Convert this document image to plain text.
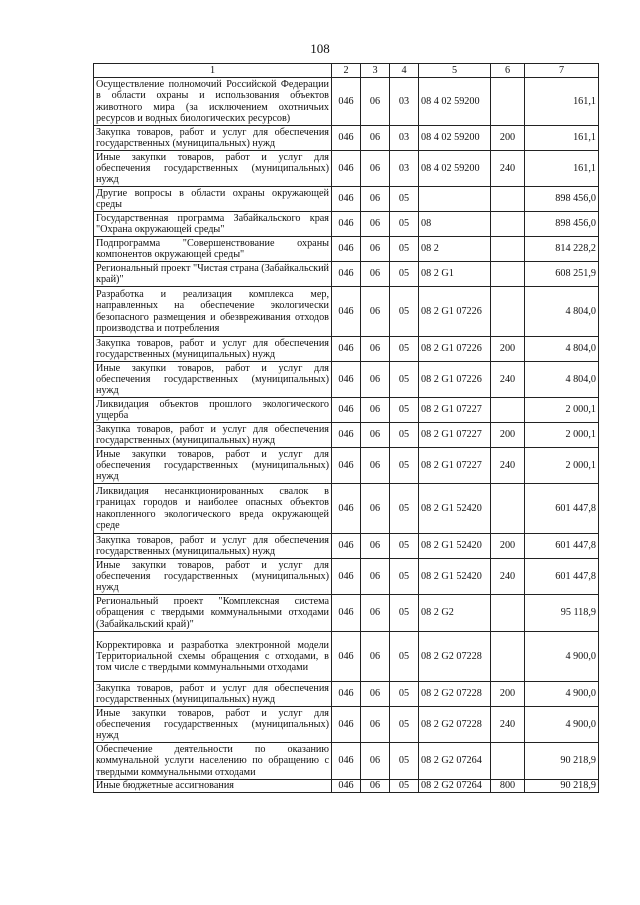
108
1	2	3	4	5	6	7
Осуществление полномочий Российской Федерации в области охраны и использования объектов животного мира (за исключением охотничьих ресурсов и водных биологических ресурсов)	046	06	03	08 4 02 59200		161,1
Закупка товаров, работ и услуг для обеспечения государственных (муниципальных) нужд	046	06	03	08 4 02 59200	200	161,1
Иные закупки товаров, работ и услуг для обеспечения государственных (муниципальных) нужд	046	06	03	08 4 02 59200	240	161,1
Другие вопросы в области охраны окружающей среды	046	06	05			898 456,0
Государственная программа Забайкальского края "Охрана окружающей среды"	046	06	05	08		898 456,0
Подпрограмма "Совершенствование охраны компонентов окружающей среды"	046	06	05	08 2		814 228,2
Региональный проект "Чистая страна (Забайкальский край)"	046	06	05	08 2 G1		608 251,9
Разработка и реализация комплекса мер, направленных на обеспечение экологически безопасного размещения и обезвреживания отходов производства и потребления	046	06	05	08 2 G1 07226		4 804,0
Закупка товаров, работ и услуг для обеспечения государственных (муниципальных) нужд	046	06	05	08 2 G1 07226	200	4 804,0
Иные закупки товаров, работ и услуг для обеспечения государственных (муниципальных) нужд	046	06	05	08 2 G1 07226	240	4 804,0
Ликвидация объектов прошлого экологического ущерба	046	06	05	08 2 G1 07227		2 000,1
Закупка товаров, работ и услуг для обеспечения государственных (муниципальных) нужд	046	06	05	08 2 G1 07227	200	2 000,1
Иные закупки товаров, работ и услуг для обеспечения государственных (муниципальных) нужд	046	06	05	08 2 G1 07227	240	2 000,1
Ликвидация несанкционированных свалок в границах городов и наиболее опасных объектов накопленного экологического вреда окружающей среде	046	06	05	08 2 G1 52420		601 447,8
Закупка товаров, работ и услуг для обеспечения государственных (муниципальных) нужд	046	06	05	08 2 G1 52420	200	601 447,8
Иные закупки товаров, работ и услуг для обеспечения государственных (муниципальных) нужд	046	06	05	08 2 G1 52420	240	601 447,8
Региональный проект "Комплексная система обращения с твердыми коммунальными отходами (Забайкальский край)"	046	06	05	08 2 G2		95 118,9
Корректировка и разработка электронной модели Территориальной схемы обращения с отходами, в том числе с твердыми коммунальными отходами	046	06	05	08 2 G2 07228		4 900,0
Закупка товаров, работ и услуг для обеспечения государственных (муниципальных) нужд	046	06	05	08 2 G2 07228	200	4 900,0
Иные закупки товаров, работ и услуг для обеспечения государственных (муниципальных) нужд	046	06	05	08 2 G2 07228	240	4 900,0
Обеспечение деятельности по оказанию коммунальной услуги населению по обращению с твердыми коммунальными отходами	046	06	05	08 2 G2 07264		90 218,9
Иные бюджетные ассигнования	046	06	05	08 2 G2 07264	800	90 218,9
